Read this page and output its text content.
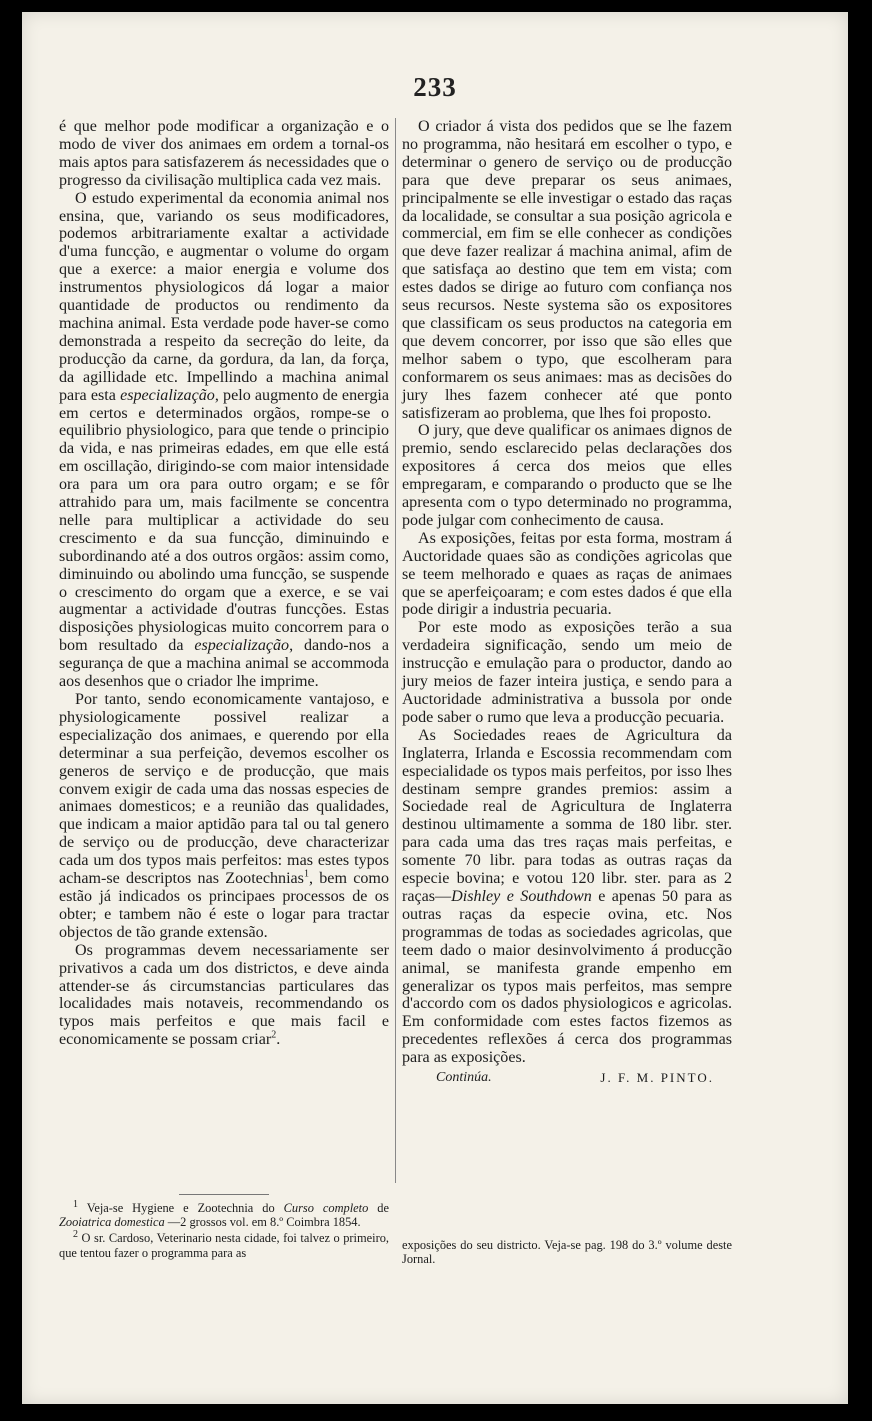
233

é que melhor pode modificar a organização e o modo de viver dos animaes em ordem a tornal-os mais aptos para satisfazerem ás necessidades que o progresso da civilisação multiplica cada vez mais.

O estudo experimental da economia animal nos ensina, que, variando os seus modificadores, podemos arbitrariamente exaltar a actividade d'uma funcção, e augmentar o volume do orgam que a exerce: a maior energia e volume dos instrumentos physiologicos dá logar a maior quantidade de productos ou rendimento da machina animal. Esta verdade pode haver-se como demonstrada a respeito da secreção do leite, da producção da carne, da gordura, da lan, da força, da agillidade etc. Impellindo a machina animal para esta especialização, pelo augmento de energia em certos e determinados orgãos, rompe-se o equilibrio physiologico, para que tende o principio da vida, e nas primeiras edades, em que elle está em oscillação, dirigindo-se com maior intensidade ora para um ora para outro orgam; e se fôr attrahido para um, mais facilmente se concentra nelle para multiplicar a actividade do seu crescimento e da sua funcção, diminuindo e subordinando até a dos outros orgãos: assim como, diminuindo ou abolindo uma funcção, se suspende o crescimento do orgam que a exerce, e se vai augmentar a actividade d'outras funcções. Estas disposições physiologicas muito concorrem para o bom resultado da especialização, dando-nos a segurança de que a machina animal se accommoda aos desenhos que o criador lhe imprime.

Por tanto, sendo economicamente vantajoso, e physiologicamente possivel realizar a especialização dos animaes, e querendo por ella determinar a sua perfeição, devemos escolher os generos de serviço e de producção, que mais convem exigir de cada uma das nossas especies de animaes domesticos; e a reunião das qualidades, que indicam a maior aptidão para tal ou tal genero de serviço ou de producção, deve characterizar cada um dos typos mais perfeitos: mas estes typos acham-se descriptos nas Zootechnias$^1$, bem como estão já indicados os principaes processos de os obter; e tambem não é este o logar para tractar objectos de tão grande extensão.

Os programmas devem necessariamente ser privativos a cada um dos districtos, e deve ainda attender-se ás circumstancias particulares das localidades mais notaveis, recommendando os typos mais perfeitos e que mais facil e economicamente se possam criar$^2$.

O criador á vista dos pedidos que se lhe fazem no programma, não hesitará em escolher o typo, e determinar o genero de serviço ou de producção para que deve preparar os seus animaes, principalmente se elle investigar o estado das raças da localidade, se consultar a sua posição agricola e commercial, em fim se elle conhecer as condições que deve fazer realizar á machina animal, afim de que satisfaça ao destino que tem em vista; com estes dados se dirige ao futuro com confiança nos seus recursos. Neste systema são os expositores que classificam os seus productos na categoria em que devem concorrer, por isso que são elles que melhor sabem o typo, que escolheram para conformarem os seus animaes: mas as decisões do jury lhes fazem conhecer até que ponto satisfizeram ao problema, que lhes foi proposto.

O jury, que deve qualificar os animaes dignos de premio, sendo esclarecido pelas declarações dos expositores á cerca dos meios que elles empregaram, e comparando o producto que se lhe apresenta com o typo determinado no programma, pode julgar com conhecimento de causa.

As exposições, feitas por esta forma, mostram á Auctoridade quaes são as condições agricolas que se teem melhorado e quaes as raças de animaes que se aperfeiçoaram; e com estes dados é que ella pode dirigir a industria pecuaria.

Por este modo as exposições terão a sua verdadeira significação, sendo um meio de instrucção e emulação para o productor, dando ao jury meios de fazer inteira justiça, e sendo para a Auctoridade administrativa a bussola por onde pode saber o rumo que leva a producção pecuaria.

As Sociedades reaes de Agricultura da Inglaterra, Irlanda e Escossia recommendam com especialidade os typos mais perfeitos, por isso lhes destinam sempre grandes premios: assim a Sociedade real de Agricultura de Inglaterra destinou ultimamente a somma de 180 libr. ster. para cada uma das tres raças mais perfeitas, e somente 70 libr. para todas as outras raças da especie bovina; e votou 120 libr. ster. para as 2 raças—Dishley e Southdown e apenas 50 para as outras raças da especie ovina, etc. Nos programmas de todas as sociedades agricolas, que teem dado o maior desinvolvimento á producção animal, se manifesta grande empenho em generalizar os typos mais perfeitos, mas sempre d'accordo com os dados physiologicos e agricolas. Em conformidade com estes factos fizemos as precedentes reflexões á cerca dos programmas para as exposições.

Continúa.	J. F. M. PINTO.

$^1$ Veja-se Hygiene e Zootechnia do Curso completo de Zooiatrica domestica —2 grossos vol. em 8.º Coimbra 1854.

$^2$ O sr. Cardoso, Veterinario nesta cidade, foi talvez o primeiro, que tentou fazer o programma para as

exposições do seu districto. Veja-se pag. 198 do 3.º volume deste Jornal.
